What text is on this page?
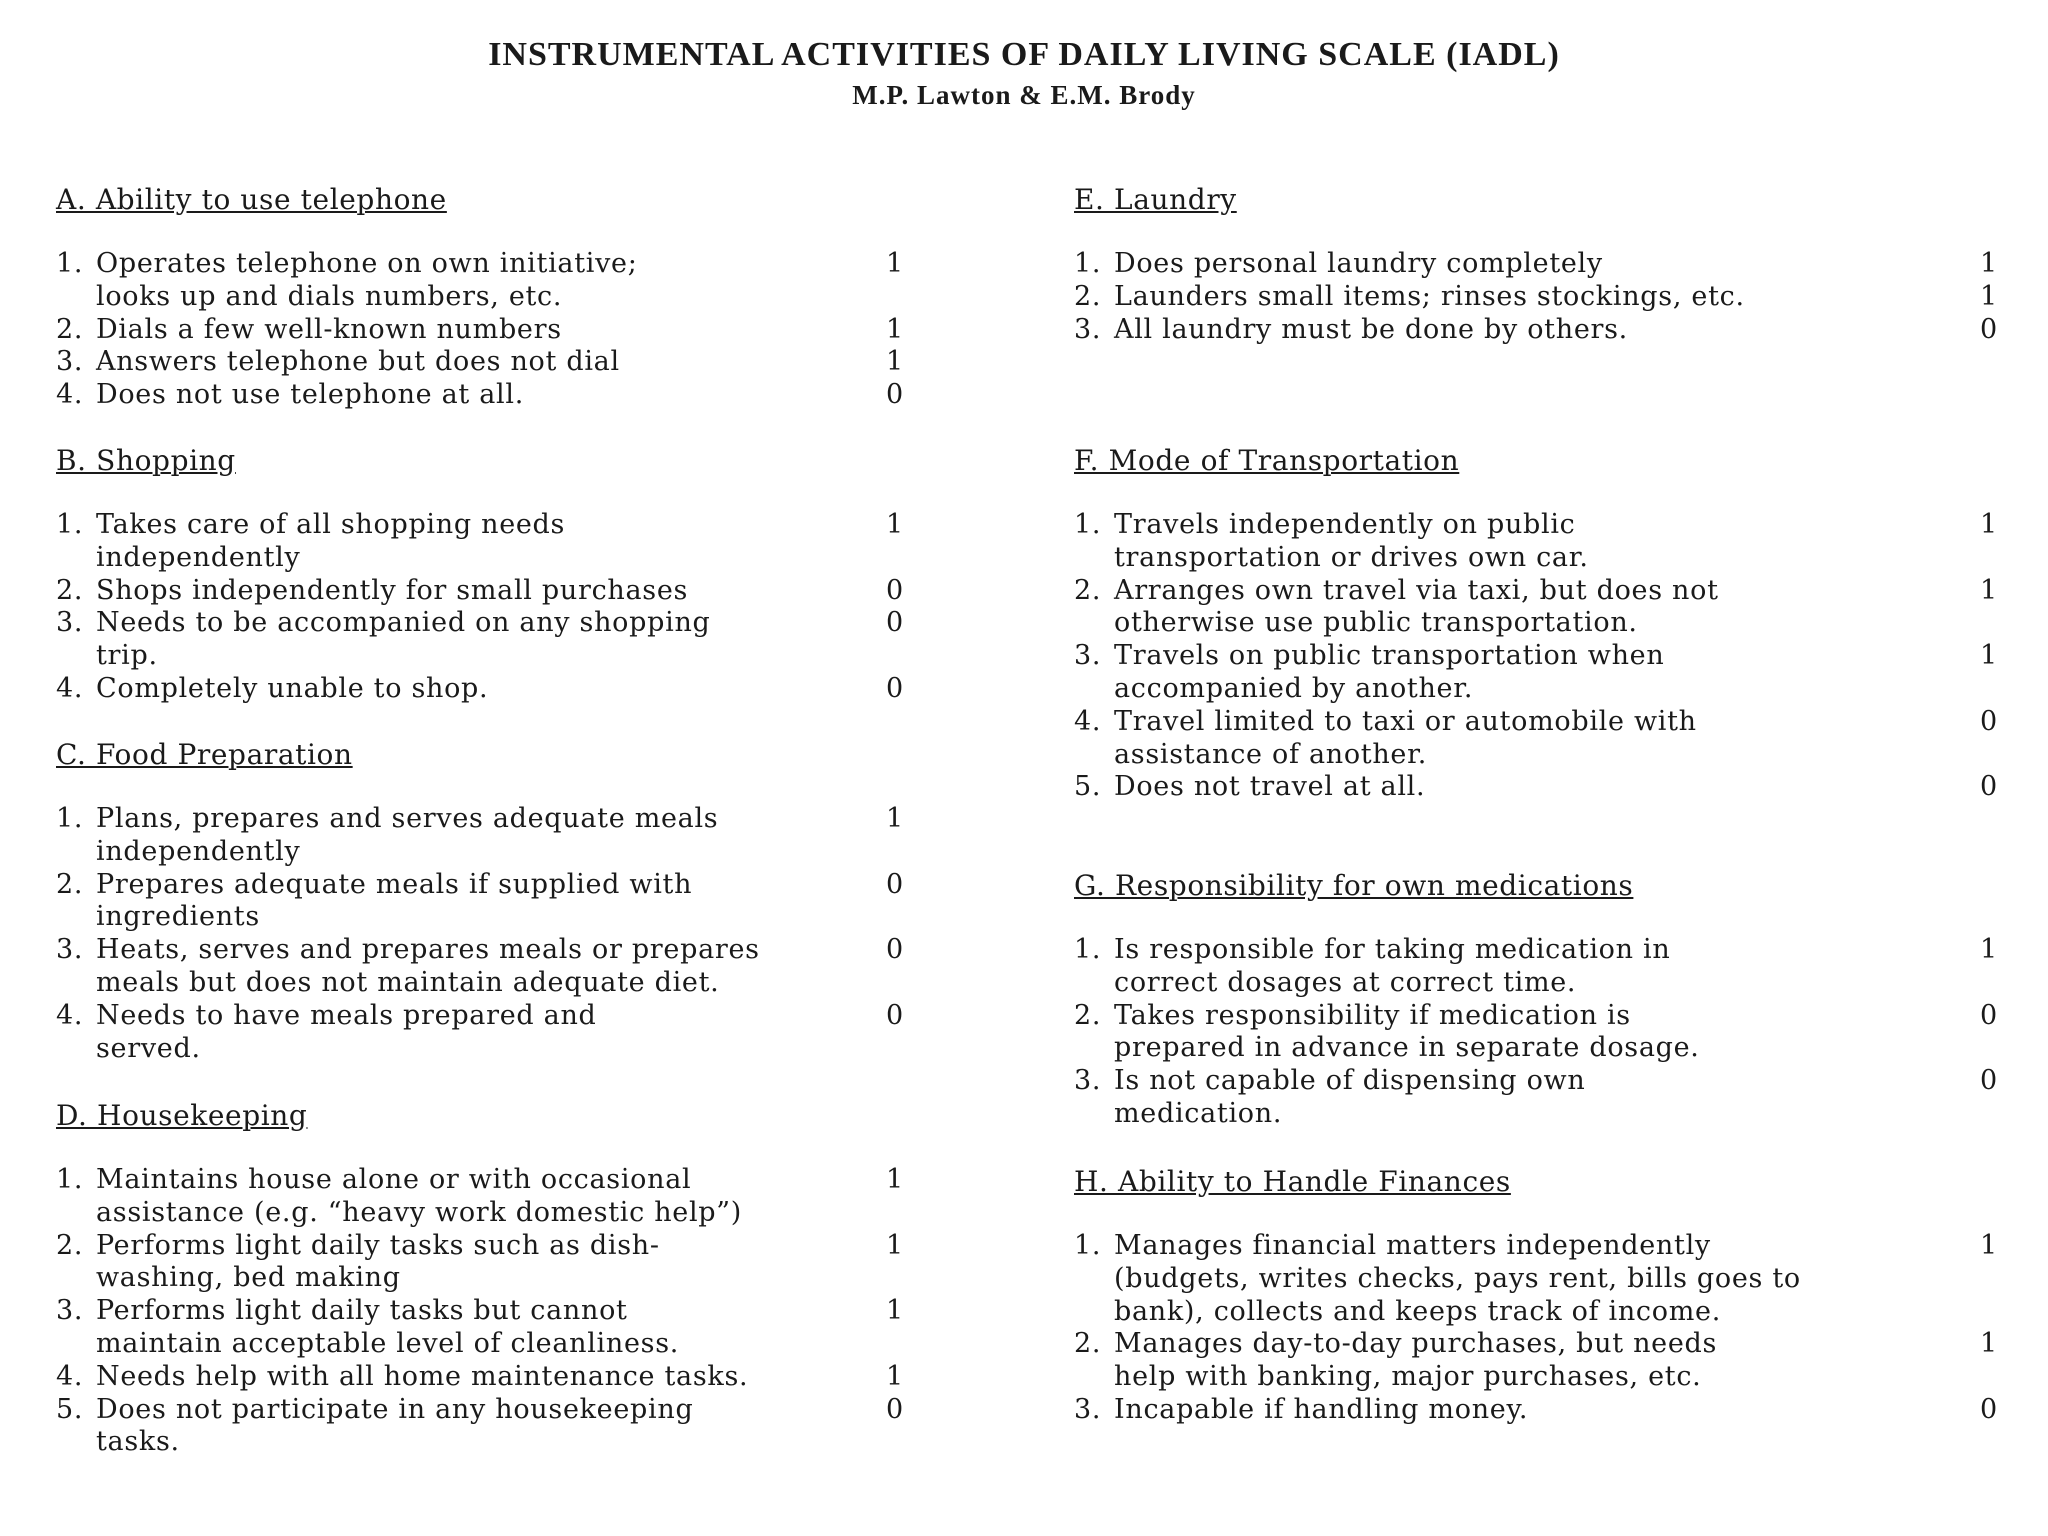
INSTRUMENTAL ACTIVITIES OF DAILY LIVING SCALE (IADL)
M.P. Lawton & E.M. Brody
A. Ability to use telephone
1. Operates telephone on own initiative;
looks up and dials numbers, etc.
1
2. Dials a few well-known numbers	1
3. Answers telephone but does not dial	1
4. Does not use telephone at all.	0
B. Shopping
1. Takes care of all shopping needs
independently
1
2. Shops independently for small purchases	0
3. Needs to be accompanied on any shopping
trip.
0
4. Completely unable to shop.	0
C. Food Preparation
1. Plans, prepares and serves adequate meals
independently
1
2. Prepares adequate meals if supplied with
ingredients
0
3. Heats, serves and prepares meals or prepares
meals but does not maintain adequate diet.
0
4. Needs to have meals prepared and
served.
0
D. Housekeeping
1. Maintains house alone or with occasional
assistance (e.g. “heavy work domestic help”)
1
2. Performs light daily tasks such as dish-
washing, bed making
1
3. Performs light daily tasks but cannot
maintain acceptable level of cleanliness.
1
4. Needs help with all home maintenance tasks.	1
5. Does not participate in any housekeeping
tasks.
0
E. Laundry
1. Does personal laundry completely	1
2. Launders small items; rinses stockings, etc.	1
3. All laundry must be done by others.	0
F. Mode of Transportation
1. Travels independently on public
transportation or drives own car.
1
2. Arranges own travel via taxi, but does not
otherwise use public transportation.
1
3. Travels on public transportation when
accompanied by another.
1
4. Travel limited to taxi or automobile with
assistance of another.
0
5. Does not travel at all.	0
G. Responsibility for own medications
1. Is responsible for taking medication in
correct dosages at correct time.
1
2. Takes responsibility if medication is
prepared in advance in separate dosage.
0
3. Is not capable of dispensing own
medication.
0
H. Ability to Handle Finances
1. Manages financial matters independently
(budgets, writes checks, pays rent, bills goes to
bank), collects and keeps track of income.
1
2. Manages day-to-day purchases, but needs
help with banking, major purchases, etc.
1
3. Incapable if handling money.	0
